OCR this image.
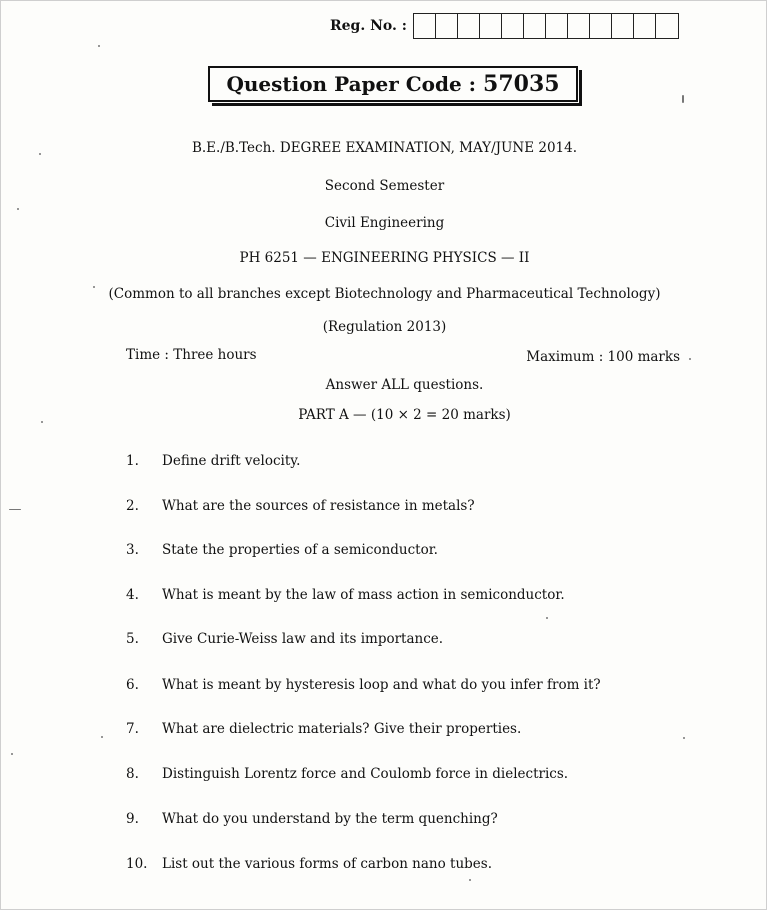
Reg. No. :
Question Paper Code : 57035
B.E./B.Tech. DEGREE EXAMINATION, MAY/JUNE 2014.
Second Semester
Civil Engineering
PH 6251 — ENGINEERING PHYSICS — II
(Common to all branches except Biotechnology and Pharmaceutical Technology)
(Regulation 2013)
Time : Three hours	Maximum : 100 marks
Answer ALL questions.
PART A — (10 × 2 = 20 marks)
1.	Define drift velocity.
2.	What are the sources of resistance in metals?
3.	State the properties of a semiconductor.
4.	What is meant by the law of mass action in semiconductor.
5.	Give Curie-Weiss law and its importance.
6.	What is meant by hysteresis loop and what do you infer from it?
7.	What are dielectric materials? Give their properties.
8.	Distinguish Lorentz force and Coulomb force in dielectrics.
9.	What do you understand by the term quenching?
10.	List out the various forms of carbon nano tubes.
